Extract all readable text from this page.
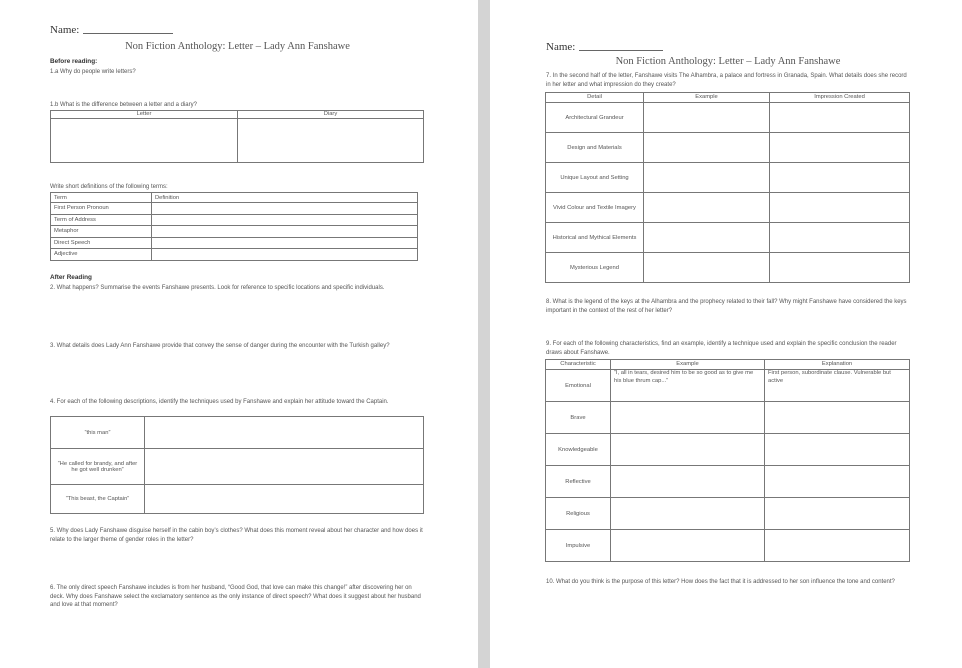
Name:
Non Fiction Anthology: Letter – Lady Ann Fanshawe
Before reading:
1.a Why do people write letters?
1.b What is the difference between a letter and a diary?
Letter	Diary

Write short definitions of the following terms:
Term	Definition
First Person Pronoun	
Term of Address	
Metaphor	
Direct Speech	
Adjective	
After Reading
2. What happens? Summarise the events Fanshawe presents. Look for reference to specific locations and specific individuals.
3. What details does Lady Ann Fanshawe provide that convey the sense of danger during the encounter with the Turkish galley?
4. For each of the following descriptions, identify the techniques used by Fanshawe and explain her attitude toward the Captain.
“this man”	
“He called for brandy, and after he got well drunken”	
“This beast, the Captain”	
5. Why does Lady Fanshawe disguise herself in the cabin boy’s clothes? What does this moment reveal about her character and how does it relate to the larger theme of gender roles in the letter?
6. The only direct speech Fanshawe includes is from her husband, “Good God, that love can make this change!” after discovering her on deck. Why does Fanshawe select the exclamatory sentence as the only instance of direct speech? What does it suggest about her husband and love at that moment?
Name:
Non Fiction Anthology: Letter – Lady Ann Fanshawe
7. In the second half of the letter, Fanshawe visits The Alhambra, a palace and fortress in Granada, Spain. What details does she record in her letter and what impression do they create?
Detail	Example	Impression Created
Architectural Grandeur		
Design and Materials		
Unique Layout and Setting		
Vivid Colour and Textile Imagery		
Historical and Mythical Elements		
Mysterious Legend		
8. What is the legend of the keys at the Alhambra and the prophecy related to their fall? Why might Fanshawe have considered the keys important in the context of the rest of her letter?
9. For each of the following characteristics, find an example, identify a technique used and explain the specific conclusion the reader draws about Fanshawe.
Characteristic	Example	Explanation
Emotional	“I, all in tears, desired him to be so good as to give me his blue thrum cap...”	First person, subordinate clause. Vulnerable but active
Brave		
Knowledgeable		
Reflective		
Religious		
Impulsive		
10. What do you think is the purpose of this letter? How does the fact that it is addressed to her son influence the tone and content?
